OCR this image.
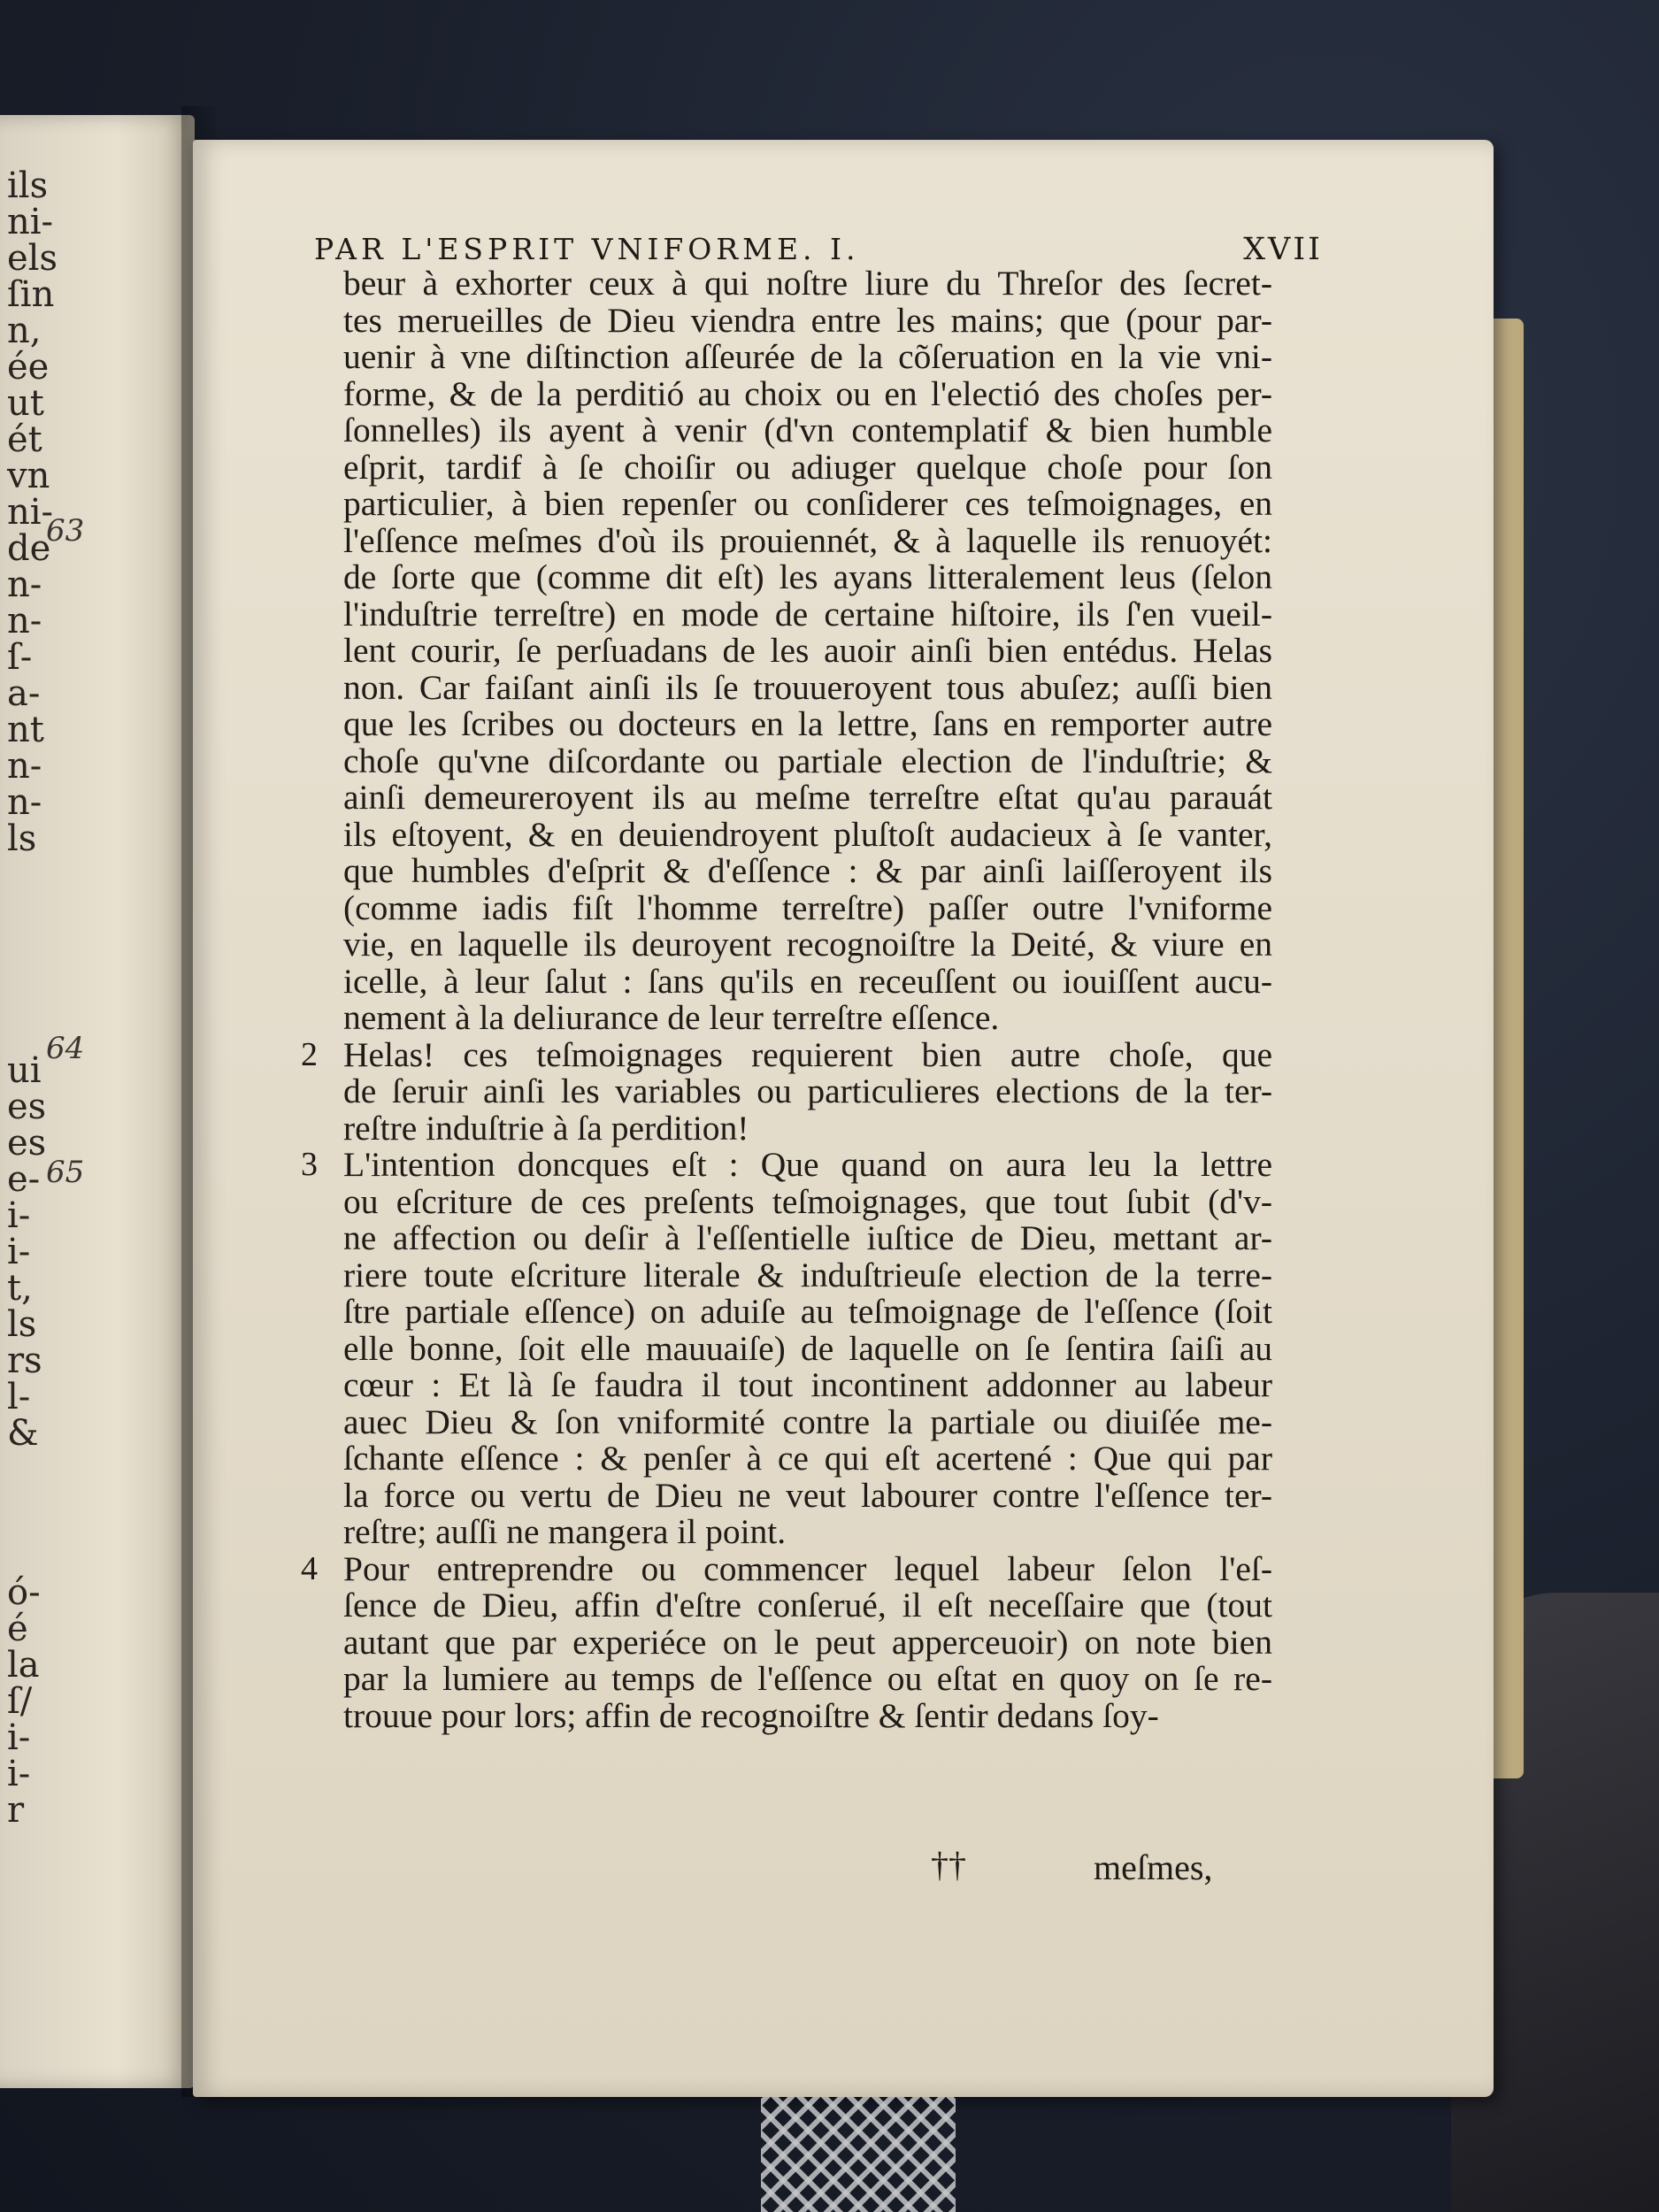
ils
ni-
els
ſin
n,
ée
ut
ét
vn
ni-
de
n-
n-
ſ-
a-
nt
n-
n-
ls
ui
es
es
e-
i-
i-
t,
ls
rs
l-
&
ó-
é
la
ſ/
i-
i-
r
63
64
65
PAR L'ESPRIT VNIFORME. I.	XVII
beur à exhorter ceux à qui noſtre liure du Threſor des ſecret-
tes merueilles de Dieu viendra entre les mains; que (pour par-
uenir à vne diſtinction aſſeurée de la cõſeruation en la vie vni-
forme, & de la perditió au choix ou en l'electió des choſes per-
ſonnelles) ils ayent à venir (d'vn contemplatif & bien humble
eſprit, tardif à ſe choiſir ou adiuger quelque choſe pour ſon
particulier, à bien repenſer ou conſiderer ces teſmoignages, en
l'eſſence meſmes d'où ils prouiennét, & à laquelle ils renuoyét:
de ſorte que (comme dit eſt) les ayans litteralement leus (ſelon
l'induſtrie terreſtre) en mode de certaine hiſtoire, ils ſ'en vueil-
lent courir, ſe perſuadans de les auoir ainſi bien entédus. Helas
non. Car faiſant ainſi ils ſe trouueroyent tous abuſez; auſſi bien
que les ſcribes ou docteurs en la lettre, ſans en remporter autre
choſe qu'vne diſcordante ou partiale election de l'induſtrie; &
ainſi demeureroyent ils au meſme terreſtre eſtat qu'au parauát
ils eſtoyent, & en deuiendroyent pluſtoſt audacieux à ſe vanter,
que humbles d'eſprit & d'eſſence : & par ainſi laiſſeroyent ils
(comme iadis fiſt l'homme terreſtre) paſſer outre l'vniforme
vie, en laquelle ils deuroyent recognoiſtre la Deité, & viure en
icelle, à leur ſalut : ſans qu'ils en receuſſent ou iouiſſent aucu-
nement à la deliurance de leur terreſtre eſſence.
2 Helas! ces teſmoignages requierent bien autre choſe, que
de ſeruir ainſi les variables ou particulieres elections de la ter-
reſtre induſtrie à ſa perdition!
3 L'intention doncques eſt : Que quand on aura leu la lettre
ou eſcriture de ces preſents teſmoignages, que tout ſubit (d'v-
ne affection ou deſir à l'eſſentielle iuſtice de Dieu, mettant ar-
riere toute eſcriture literale & induſtrieuſe election de la terre-
ſtre partiale eſſence) on aduiſe au teſmoignage de l'eſſence (ſoit
elle bonne, ſoit elle mauuaiſe) de laquelle on ſe ſentira ſaiſi au
cœur : Et là ſe faudra il tout incontinent addonner au labeur
auec Dieu & ſon vniformité contre la partiale ou diuiſée me-
ſchante eſſence : & penſer à ce qui eſt acertené : Que qui par
la force ou vertu de Dieu ne veut labourer contre l'eſſence ter-
reſtre; auſſi ne mangera il point.
4 Pour entreprendre ou commencer lequel labeur ſelon l'eſ-
ſence de Dieu, affin d'eſtre conſerué, il eſt neceſſaire que (tout
autant que par experiéce on le peut apperceuoir) on note bien
par la lumiere au temps de l'eſſence ou eſtat en quoy on ſe re-
trouue pour lors; affin de recognoiſtre & ſentir dedans ſoy-
††	meſmes,
